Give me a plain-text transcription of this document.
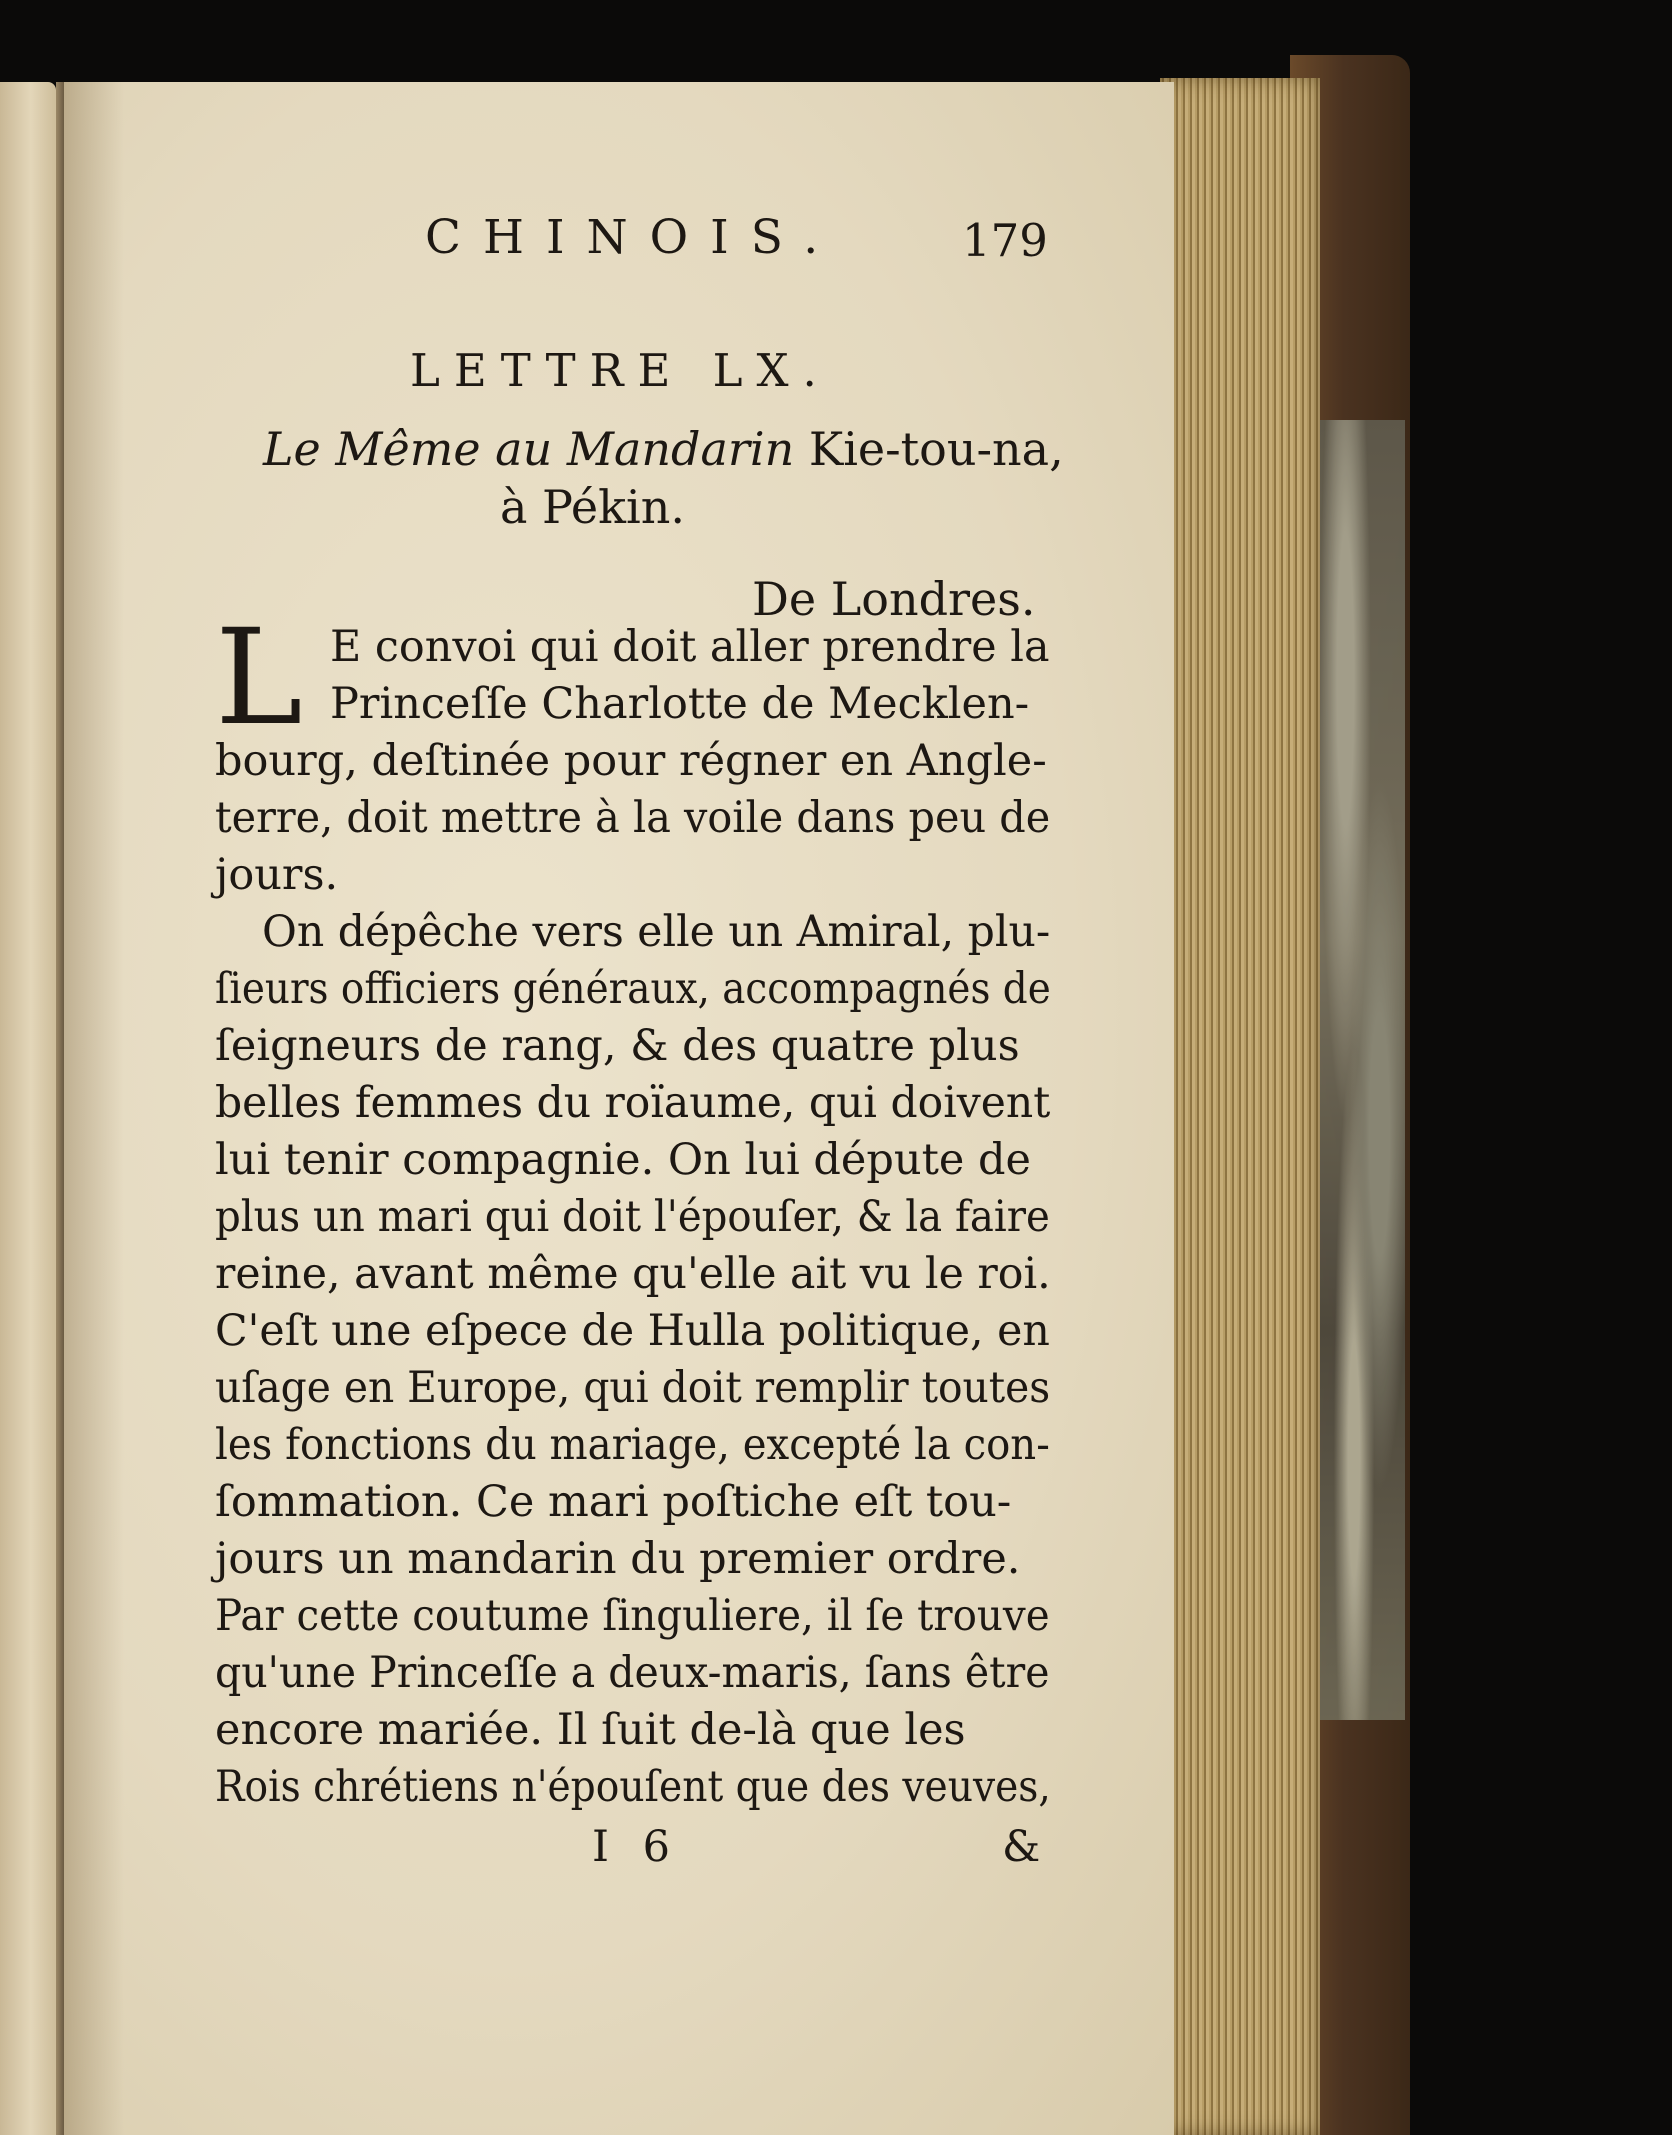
CHINOIS.	179
LETTRE LX.
Le Même au Mandarin Kie-tou-na,
à Pékin.
De Londres.
L E convoi qui doit aller prendre la
Princeſſe Charlotte de Mecklen-
bourg, deſtinée pour régner en Angle-
terre, doit mettre à la voile dans peu de
jours.
On dépêche vers elle un Amiral, plu-
ſieurs officiers généraux, accompagnés de
ſeigneurs de rang, & des quatre plus
belles femmes du roïaume, qui doivent
lui tenir compagnie. On lui députe de
plus un mari qui doit l'épouſer, & la faire
reine, avant même qu'elle ait vu le roi.
C'eſt une eſpece de Hulla politique, en
uſage en Europe, qui doit remplir toutes
les fonctions du mariage, excepté la con-
ſommation. Ce mari poſtiche eſt tou-
jours un mandarin du premier ordre.
Par cette coutume ſinguliere, il ſe trouve
qu'une Princeſſe a deux-maris, ſans être
encore mariée. Il ſuit de-là que les
Rois chrétiens n'épouſent que des veuves,
I 6	&
